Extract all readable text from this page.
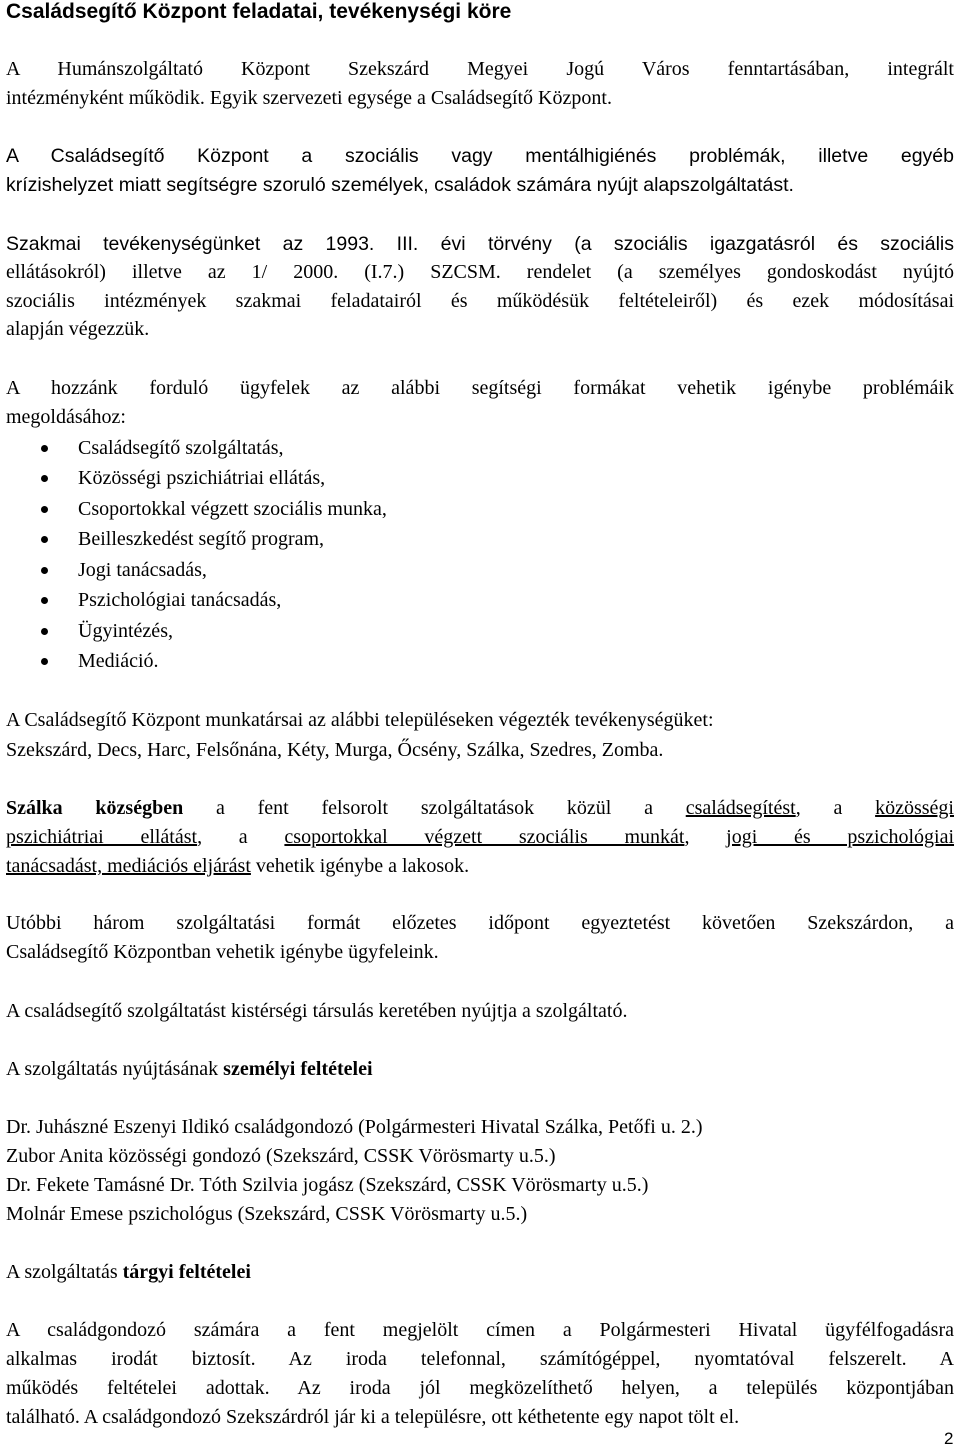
Családsegítő Központ feladatai, tevékenységi köre
A Humánszolgáltató Központ Szekszárd Megyei Jogú Város fenntartásában, integrált
intézményként működik. Egyik szervezeti egysége a Családsegítő Központ.
A Családsegítő Központ a szociális vagy mentálhigiénés problémák, illetve egyéb
krízishelyzet miatt segítségre szoruló személyek, családok számára nyújt alapszolgáltatást.
Szakmai tevékenységünket az 1993. III. évi törvény (a szociális igazgatásról és szociális
ellátásokról) illetve az 1/ 2000. (I.7.) SZCSM. rendelet (a személyes gondoskodást nyújtó
szociális intézmények szakmai feladatairól és működésük feltételeiről) és ezek módosításai
alapján végezzük.
A hozzánk forduló ügyfelek az alábbi segítségi formákat vehetik igénybe problémáik
megoldásához:
Családsegítő szolgáltatás,
Közösségi pszichiátriai ellátás,
Csoportokkal végzett szociális munka,
Beilleszkedést segítő program,
Jogi tanácsadás,
Pszichológiai tanácsadás,
Ügyintézés,
Mediáció.
A Családsegítő Központ munkatársai az alábbi településeken végezték tevékenységüket:
Szekszárd, Decs, Harc, Felsőnána, Kéty, Murga, Őcsény, Szálka, Szedres, Zomba.
Szálka községben a fent felsorolt szolgáltatások közül a családsegítést, a közösségi
pszichiátriai ellátást, a csoportokkal végzett szociális munkát, jogi és pszichológiai
tanácsadást, mediációs eljárást vehetik igénybe a lakosok.
Utóbbi három szolgáltatási formát előzetes időpont egyeztetést követően Szekszárdon, a
Családsegítő Központban vehetik igénybe ügyfeleink.
A családsegítő szolgáltatást kistérségi társulás keretében nyújtja a szolgáltató.
A szolgáltatás nyújtásának személyi feltételei
Dr. Juhászné Eszenyi Ildikó családgondozó (Polgármesteri Hivatal Szálka, Petőfi u. 2.)
Zubor Anita közösségi gondozó (Szekszárd, CSSK Vörösmarty u.5.)
Dr. Fekete Tamásné Dr. Tóth Szilvia jogász (Szekszárd, CSSK Vörösmarty u.5.)
Molnár Emese pszichológus (Szekszárd, CSSK Vörösmarty u.5.)
A szolgáltatás tárgyi feltételei
A családgondozó számára a fent megjelölt címen a Polgármesteri Hivatal ügyfélfogadásra
alkalmas irodát biztosít. Az iroda telefonnal, számítógéppel, nyomtatóval felszerelt. A
működés feltételei adottak. Az iroda jól megközelíthető helyen, a település központjában
található. A családgondozó Szekszárdról jár ki a településre, ott kéthetente egy napot tölt el.
2
